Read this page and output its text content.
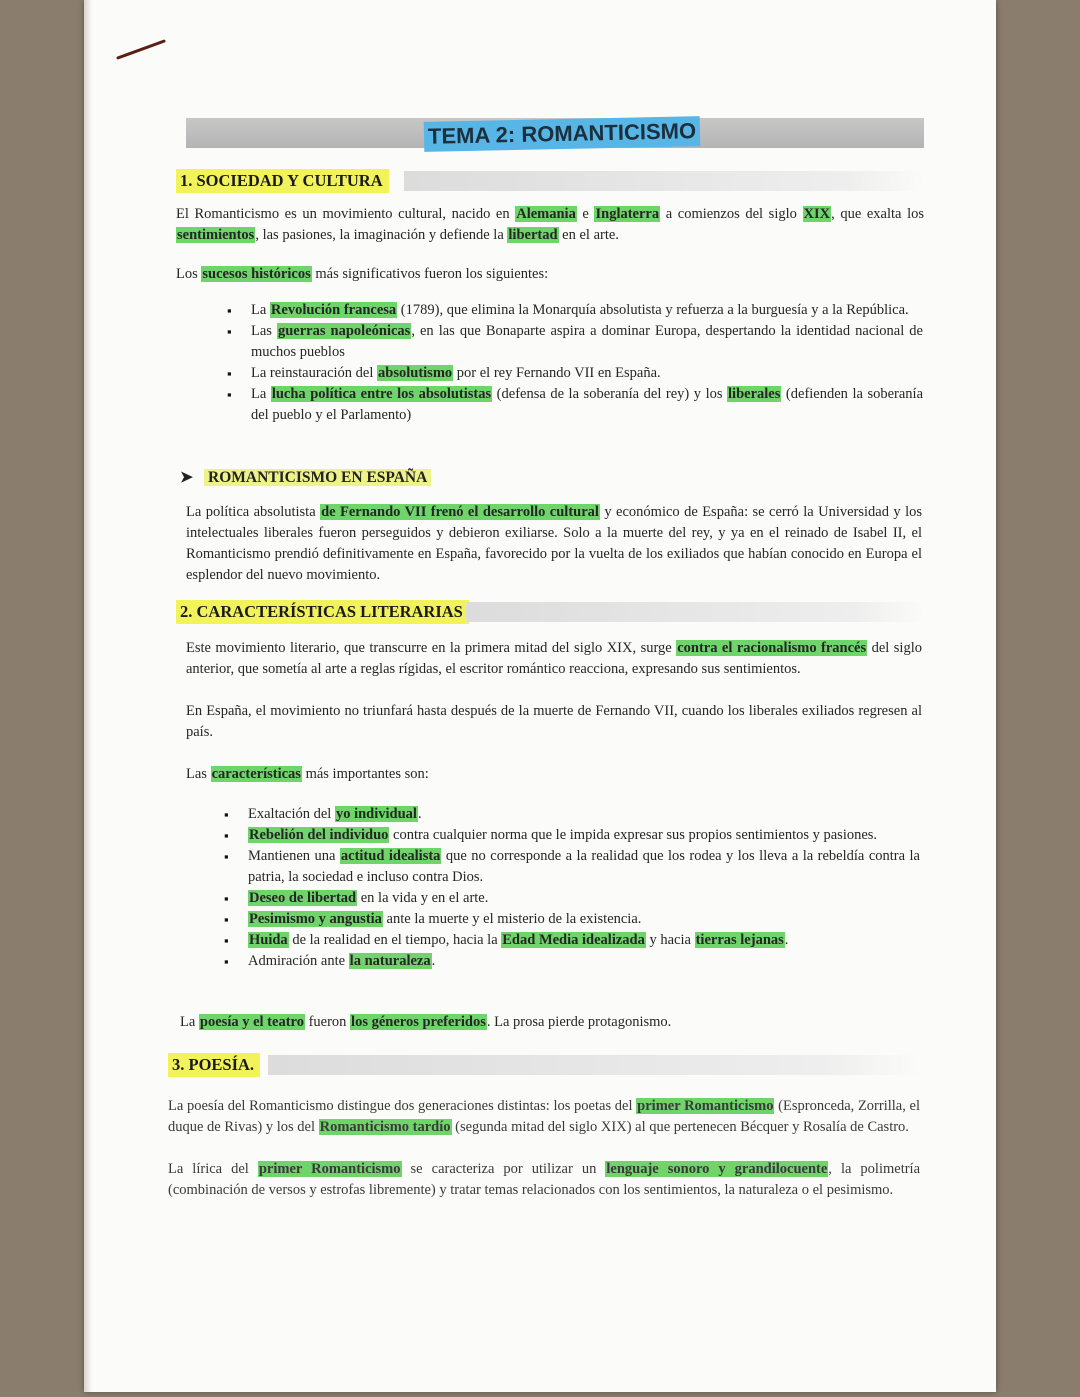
TEMA 2: ROMANTICISMO
1. SOCIEDAD Y CULTURA
El Romanticismo es un movimiento cultural, nacido en Alemania e Inglaterra a comienzos del siglo XIX, que exalta los sentimientos, las pasiones, la imaginación y defiende la libertad en el arte.
Los sucesos históricos más significativos fueron los siguientes:
▪ La Revolución francesa (1789), que elimina la Monarquía absolutista y refuerza a la burguesía y a la República.
▪ Las guerras napoleónicas, en las que Bonaparte aspira a dominar Europa, despertando la identidad nacional de muchos pueblos
▪ La reinstauración del absolutismo por el rey Fernando VII en España.
▪ La lucha política entre los absolutistas (defensa de la soberanía del rey) y los liberales (defienden la soberanía del pueblo y el Parlamento)
➤ ROMANTICISMO EN ESPAÑA
La política absolutista de Fernando VII frenó el desarrollo cultural y económico de España: se cerró la Universidad y los intelectuales liberales fueron perseguidos y debieron exiliarse. Solo a la muerte del rey, y ya en el reinado de Isabel II, el Romanticismo prendió definitivamente en España, favorecido por la vuelta de los exiliados que habían conocido en Europa el esplendor del nuevo movimiento.
2. CARACTERÍSTICAS LITERARIAS
Este movimiento literario, que transcurre en la primera mitad del siglo XIX, surge contra el racionalismo francés del siglo anterior, que sometía al arte a reglas rígidas, el escritor romántico reacciona, expresando sus sentimientos.
En España, el movimiento no triunfará hasta después de la muerte de Fernando VII, cuando los liberales exiliados regresen al país.
Las características más importantes son:
▪ Exaltación del yo individual.
▪ Rebelión del individuo contra cualquier norma que le impida expresar sus propios sentimientos y pasiones.
▪ Mantienen una actitud idealista que no corresponde a la realidad que los rodea y los lleva a la rebeldía contra la patria, la sociedad e incluso contra Dios.
▪ Deseo de libertad en la vida y en el arte.
▪ Pesimismo y angustia ante la muerte y el misterio de la existencia.
▪ Huida de la realidad en el tiempo, hacia la Edad Media idealizada y hacia tierras lejanas.
▪ Admiración ante la naturaleza.
La poesía y el teatro fueron los géneros preferidos. La prosa pierde protagonismo.
3. POESÍA.
La poesía del Romanticismo distingue dos generaciones distintas: los poetas del primer Romanticismo (Espronceda, Zorrilla, el duque de Rivas) y los del Romanticismo tardío (segunda mitad del siglo XIX) al que pertenecen Bécquer y Rosalía de Castro.
La lírica del primer Romanticismo se caracteriza por utilizar un lenguaje sonoro y grandilocuente, la polimetría (combinación de versos y estrofas libremente) y tratar temas relacionados con los sentimientos, la naturaleza o el pesimismo.
